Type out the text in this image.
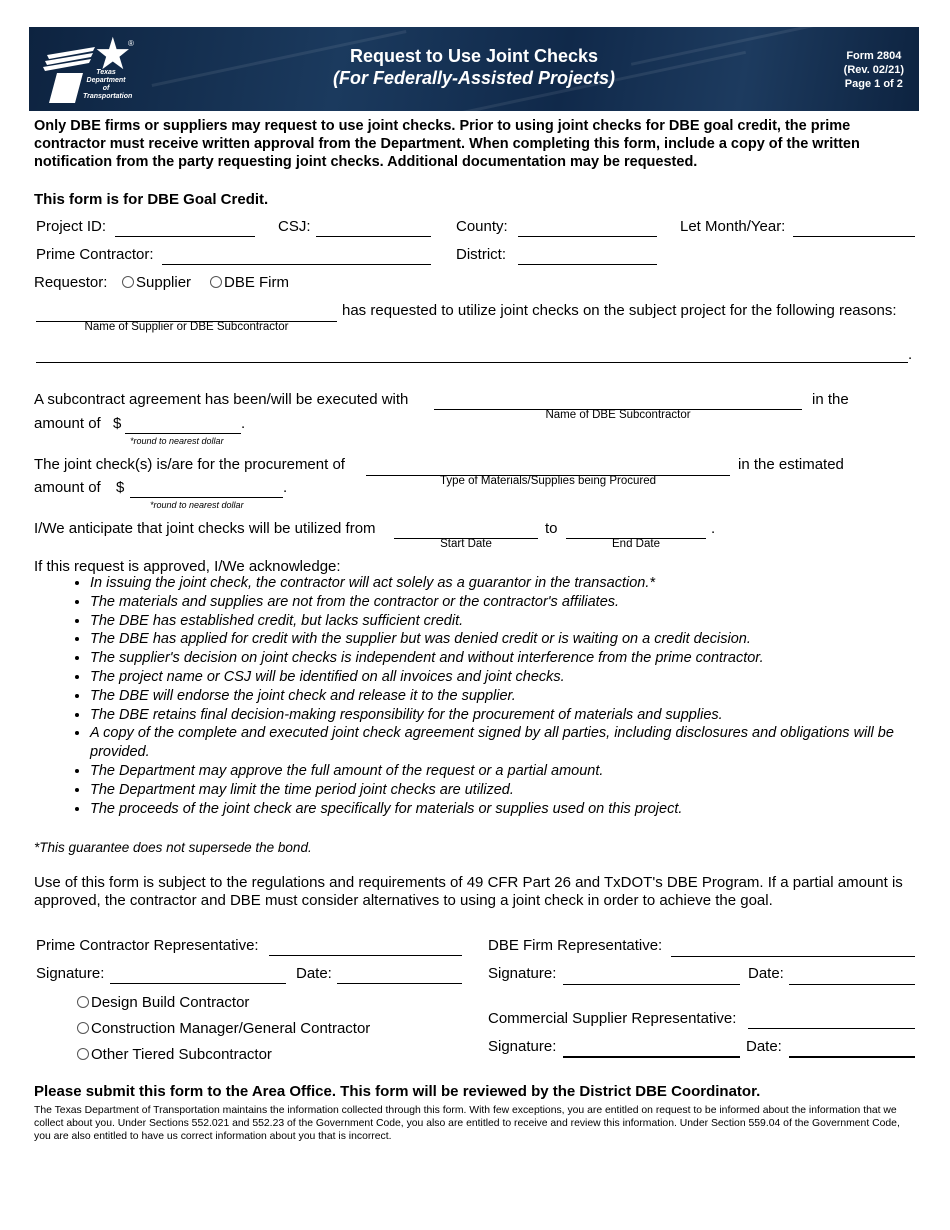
Texas Department of Transportation
®
Request to Use Joint Checks
(For Federally-Assisted Projects)
Form 2804
(Rev. 02/21)
Page 1 of 2
Only DBE firms or suppliers may request to use joint checks. Prior to using joint checks for DBE goal credit, the prime contractor must receive written approval from the Department. When completing this form, include a copy of the written notification from the party requesting joint checks. Additional documentation may be requested.
This form is for DBE Goal Credit.
Project ID:	CSJ:	County:	Let Month/Year:
Prime Contractor:	District:
Requestor:	Supplier	DBE Firm
Name of Supplier or DBE Subcontractor
has requested to utilize joint checks on the subject project for the following reasons:
.
A subcontract agreement has been/will be executed with
Name of DBE Subcontractor
in the
amount of $	.
*round to nearest dollar
The joint check(s) is/are for the procurement of
Type of Materials/Supplies being Procured
in the estimated
amount of $	.
*round to nearest dollar
I/We anticipate that joint checks will be utilized from
Start Date
to
End Date
.
If this request is approved, I/We acknowledge:
• In issuing the joint check, the contractor will act solely as a guarantor in the transaction.*
• The materials and supplies are not from the contractor or the contractor's affiliates.
• The DBE has established credit, but lacks sufficient credit.
• The DBE has applied for credit with the supplier but was denied credit or is waiting on a credit decision.
• The supplier's decision on joint checks is independent and without interference from the prime contractor.
• The project name or CSJ will be identified on all invoices and joint checks.
• The DBE will endorse the joint check and release it to the supplier.
• The DBE retains final decision-making responsibility for the procurement of materials and supplies.
• A copy of the complete and executed joint check agreement signed by all parties, including disclosures and obligations will be provided.
• The Department may approve the full amount of the request or a partial amount.
• The Department may limit the time period joint checks are utilized.
• The proceeds of the joint check are specifically for materials or supplies used on this project.
*This guarantee does not supersede the bond.
Use of this form is subject to the regulations and requirements of 49 CFR Part 26 and TxDOT's DBE Program. If a partial amount is approved, the contractor and DBE must consider alternatives to using a joint check in order to achieve the goal.
Prime Contractor Representative:
Signature:	Date:
Design Build Contractor
Construction Manager/General Contractor
Other Tiered Subcontractor
DBE Firm Representative:
Signature:	Date:
Commercial Supplier Representative:
Signature:	Date:
Please submit this form to the Area Office. This form will be reviewed by the District DBE Coordinator.
The Texas Department of Transportation maintains the information collected through this form. With few exceptions, you are entitled on request to be informed about the information that we collect about you. Under Sections 552.021 and 552.23 of the Government Code, you also are entitled to receive and review this information. Under Section 559.04 of the Government Code, you are also entitled to have us correct information about you that is incorrect.
